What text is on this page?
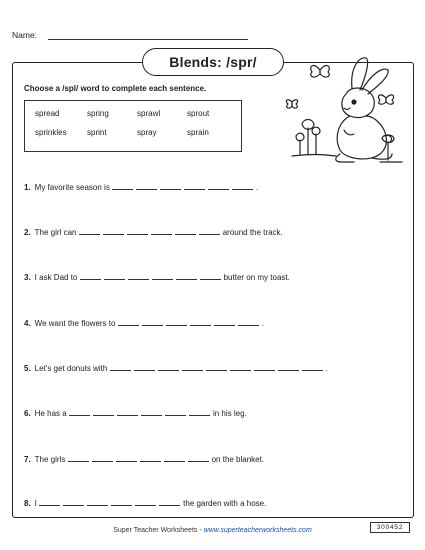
Name:
Blends: /spr/
Choose a /spl/ word to complete each sentence.
spread	spring	sprawl	sprout
sprinkles	sprint	spray	sprain
1. My favorite season is	.
2. The girl can	around the track.
3. I ask Dad to	butter on my toast.
4. We want the flowers to	.
5. Let's get donuts with	.
6. He has a	in his leg.
7. The girls	on the blanket.
8. I	the garden with a hose.
Super Teacher Worksheets - www.superteacherworksheets.com	300452
